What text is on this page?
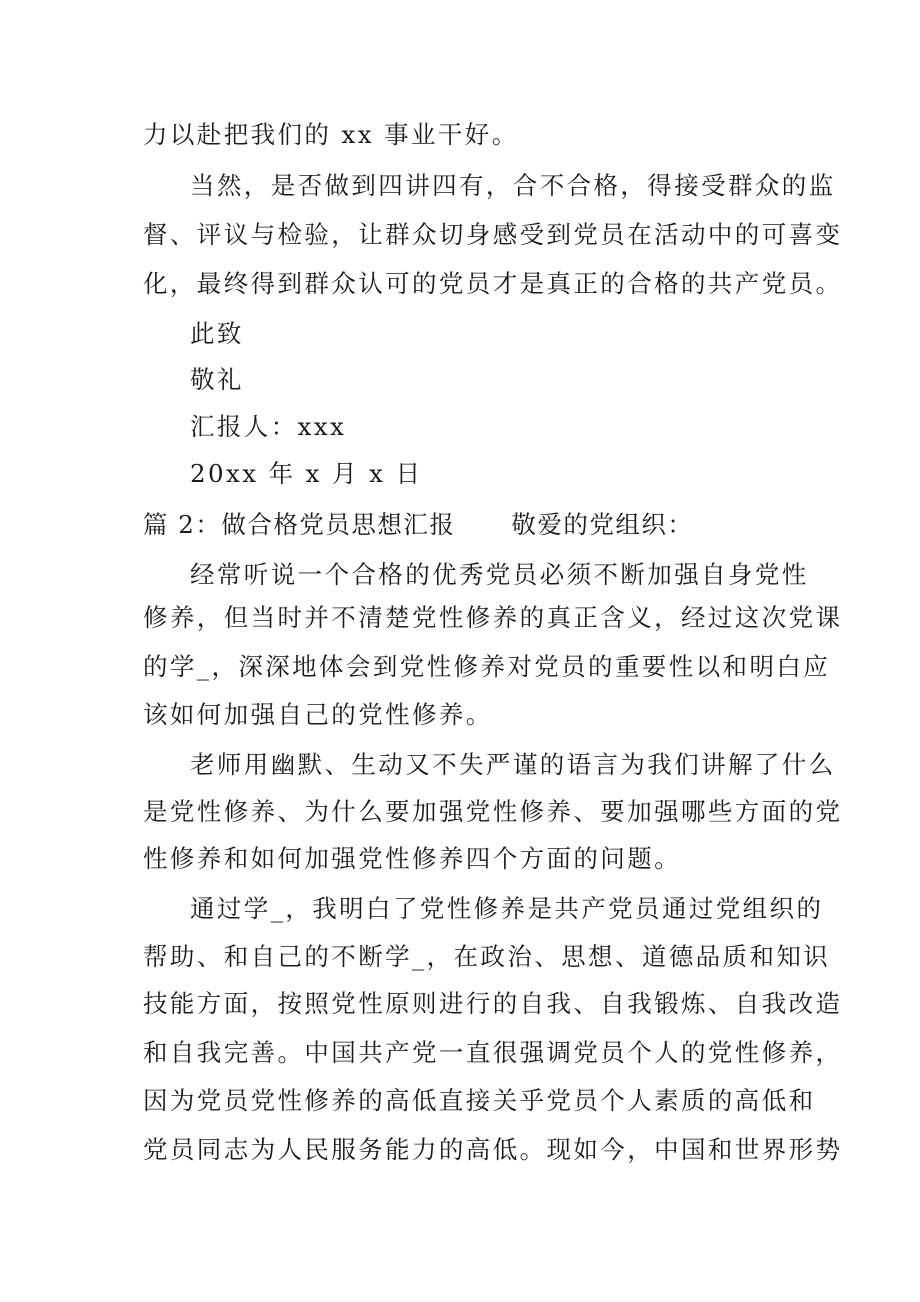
力以赴把我们的 xx 事业干好。

当然，是否做到四讲四有，合不合格，得接受群众的监

督、评议与检验，让群众切身感受到党员在活动中的可喜变

化，最终得到群众认可的党员才是真正的合格的共产党员。

此致

敬礼

汇报人：xxx

20xx 年 x 月 x 日

篇 2：做合格党员思想汇报 敬爱的党组织：

经常听说一个合格的优秀党员必须不断加强自身党性

修养，但当时并不清楚党性修养的真正含义，经过这次党课

的学_，深深地体会到党性修养对党员的重要性以和明白应

该如何加强自己的党性修养。

老师用幽默、生动又不失严谨的语言为我们讲解了什么

是党性修养、为什么要加强党性修养、要加强哪些方面的党

性修养和如何加强党性修养四个方面的问题。

通过学_，我明白了党性修养是共产党员通过党组织的

帮助、和自己的不断学_，在政治、思想、道德品质和知识

技能方面，按照党性原则进行的自我、自我锻炼、自我改造

和自我完善。中国共产党一直很强调党员个人的党性修养，

因为党员党性修养的高低直接关乎党员个人素质的高低和

党员同志为人民服务能力的高低。现如今，中国和世界形势
